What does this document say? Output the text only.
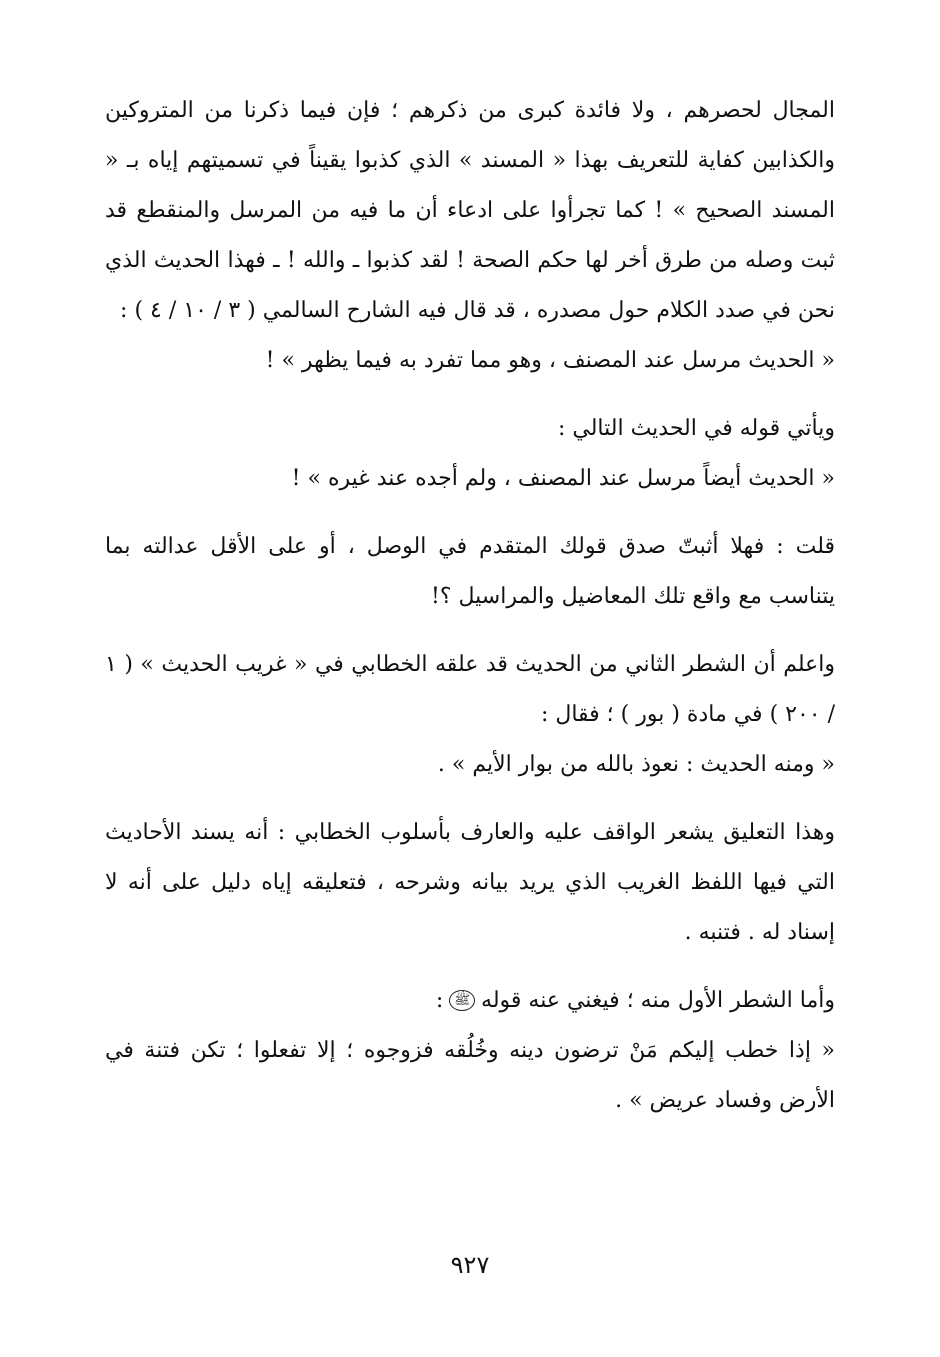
المجال لحصرهم ، ولا فائدة كبرى من ذكرهم ؛ فإن فيما ذكرنا من المتروكين والكذابين كفاية للتعريف بهذا « المسند » الذي كذبوا يقيناً في تسميتهم إياه بـ « المسند الصحيح » ! كما تجرأوا على ادعاء أن ما فيه من المرسل والمنقطع قد ثبت وصله من طرق أخر لها حكم الصحة ! لقد كذبوا ـ والله ! ـ فهذا الحديث الذي نحن في صدد الكلام حول مصدره ، قد قال فيه الشارح السالمي ( ٣ / ١٠ / ٤ ) :

« الحديث مرسل عند المصنف ، وهو مما تفرد به فيما يظهر » !

ويأتي قوله في الحديث التالي :

« الحديث أيضاً مرسل عند المصنف ، ولم أجده عند غيره » !

قلت : فهلا أثبتّ صدق قولك المتقدم في الوصل ، أو على الأقل عدالته بما يتناسب مع واقع تلك المعاضيل والمراسيل ؟!

واعلم أن الشطر الثاني من الحديث قد علقه الخطابي في « غريب الحديث » ( ١ / ٢٠٠ ) في مادة ( بور ) ؛ فقال :

« ومنه الحديث : نعوذ بالله من بوار الأيم » .

وهذا التعليق يشعر الواقف عليه والعارف بأسلوب الخطابي : أنه يسند الأحاديث التي فيها اللفظ الغريب الذي يريد بيانه وشرحه ، فتعليقه إياه دليل على أنه لا إسناد له . فتنبه .

وأما الشطر الأول منه ؛ فيغني عنه قولهﷺ:

« إذا خطب إليكم مَنْ ترضون دينه وخُلُقه فزوجوه ؛ إلا تفعلوا ؛ تكن فتنة في الأرض وفساد عريض » .

٩٢٧
